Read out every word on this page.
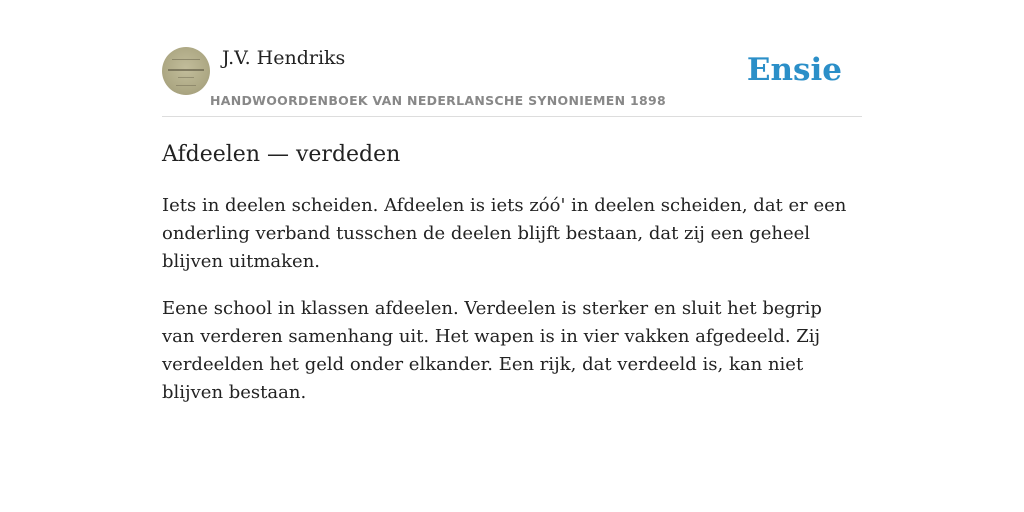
J.V. Hendriks
HANDWOORDENBOEK VAN NEDERLANSCHE SYNONIEMEN 1898
Ensie
Afdeelen — verdeden

Iets in deelen scheiden. Afdeelen is iets zóó' in deelen scheiden, dat er een onderling verband tusschen de deelen blijft bestaan, dat zij een geheel blijven uitmaken.

Eene school in klassen afdeelen. Verdeelen is sterker en sluit het begrip van verderen samenhang uit. Het wapen is in vier vakken afgedeeld. Zij verdeelden het geld onder elkander. Een rijk, dat verdeeld is, kan niet blijven bestaan.
